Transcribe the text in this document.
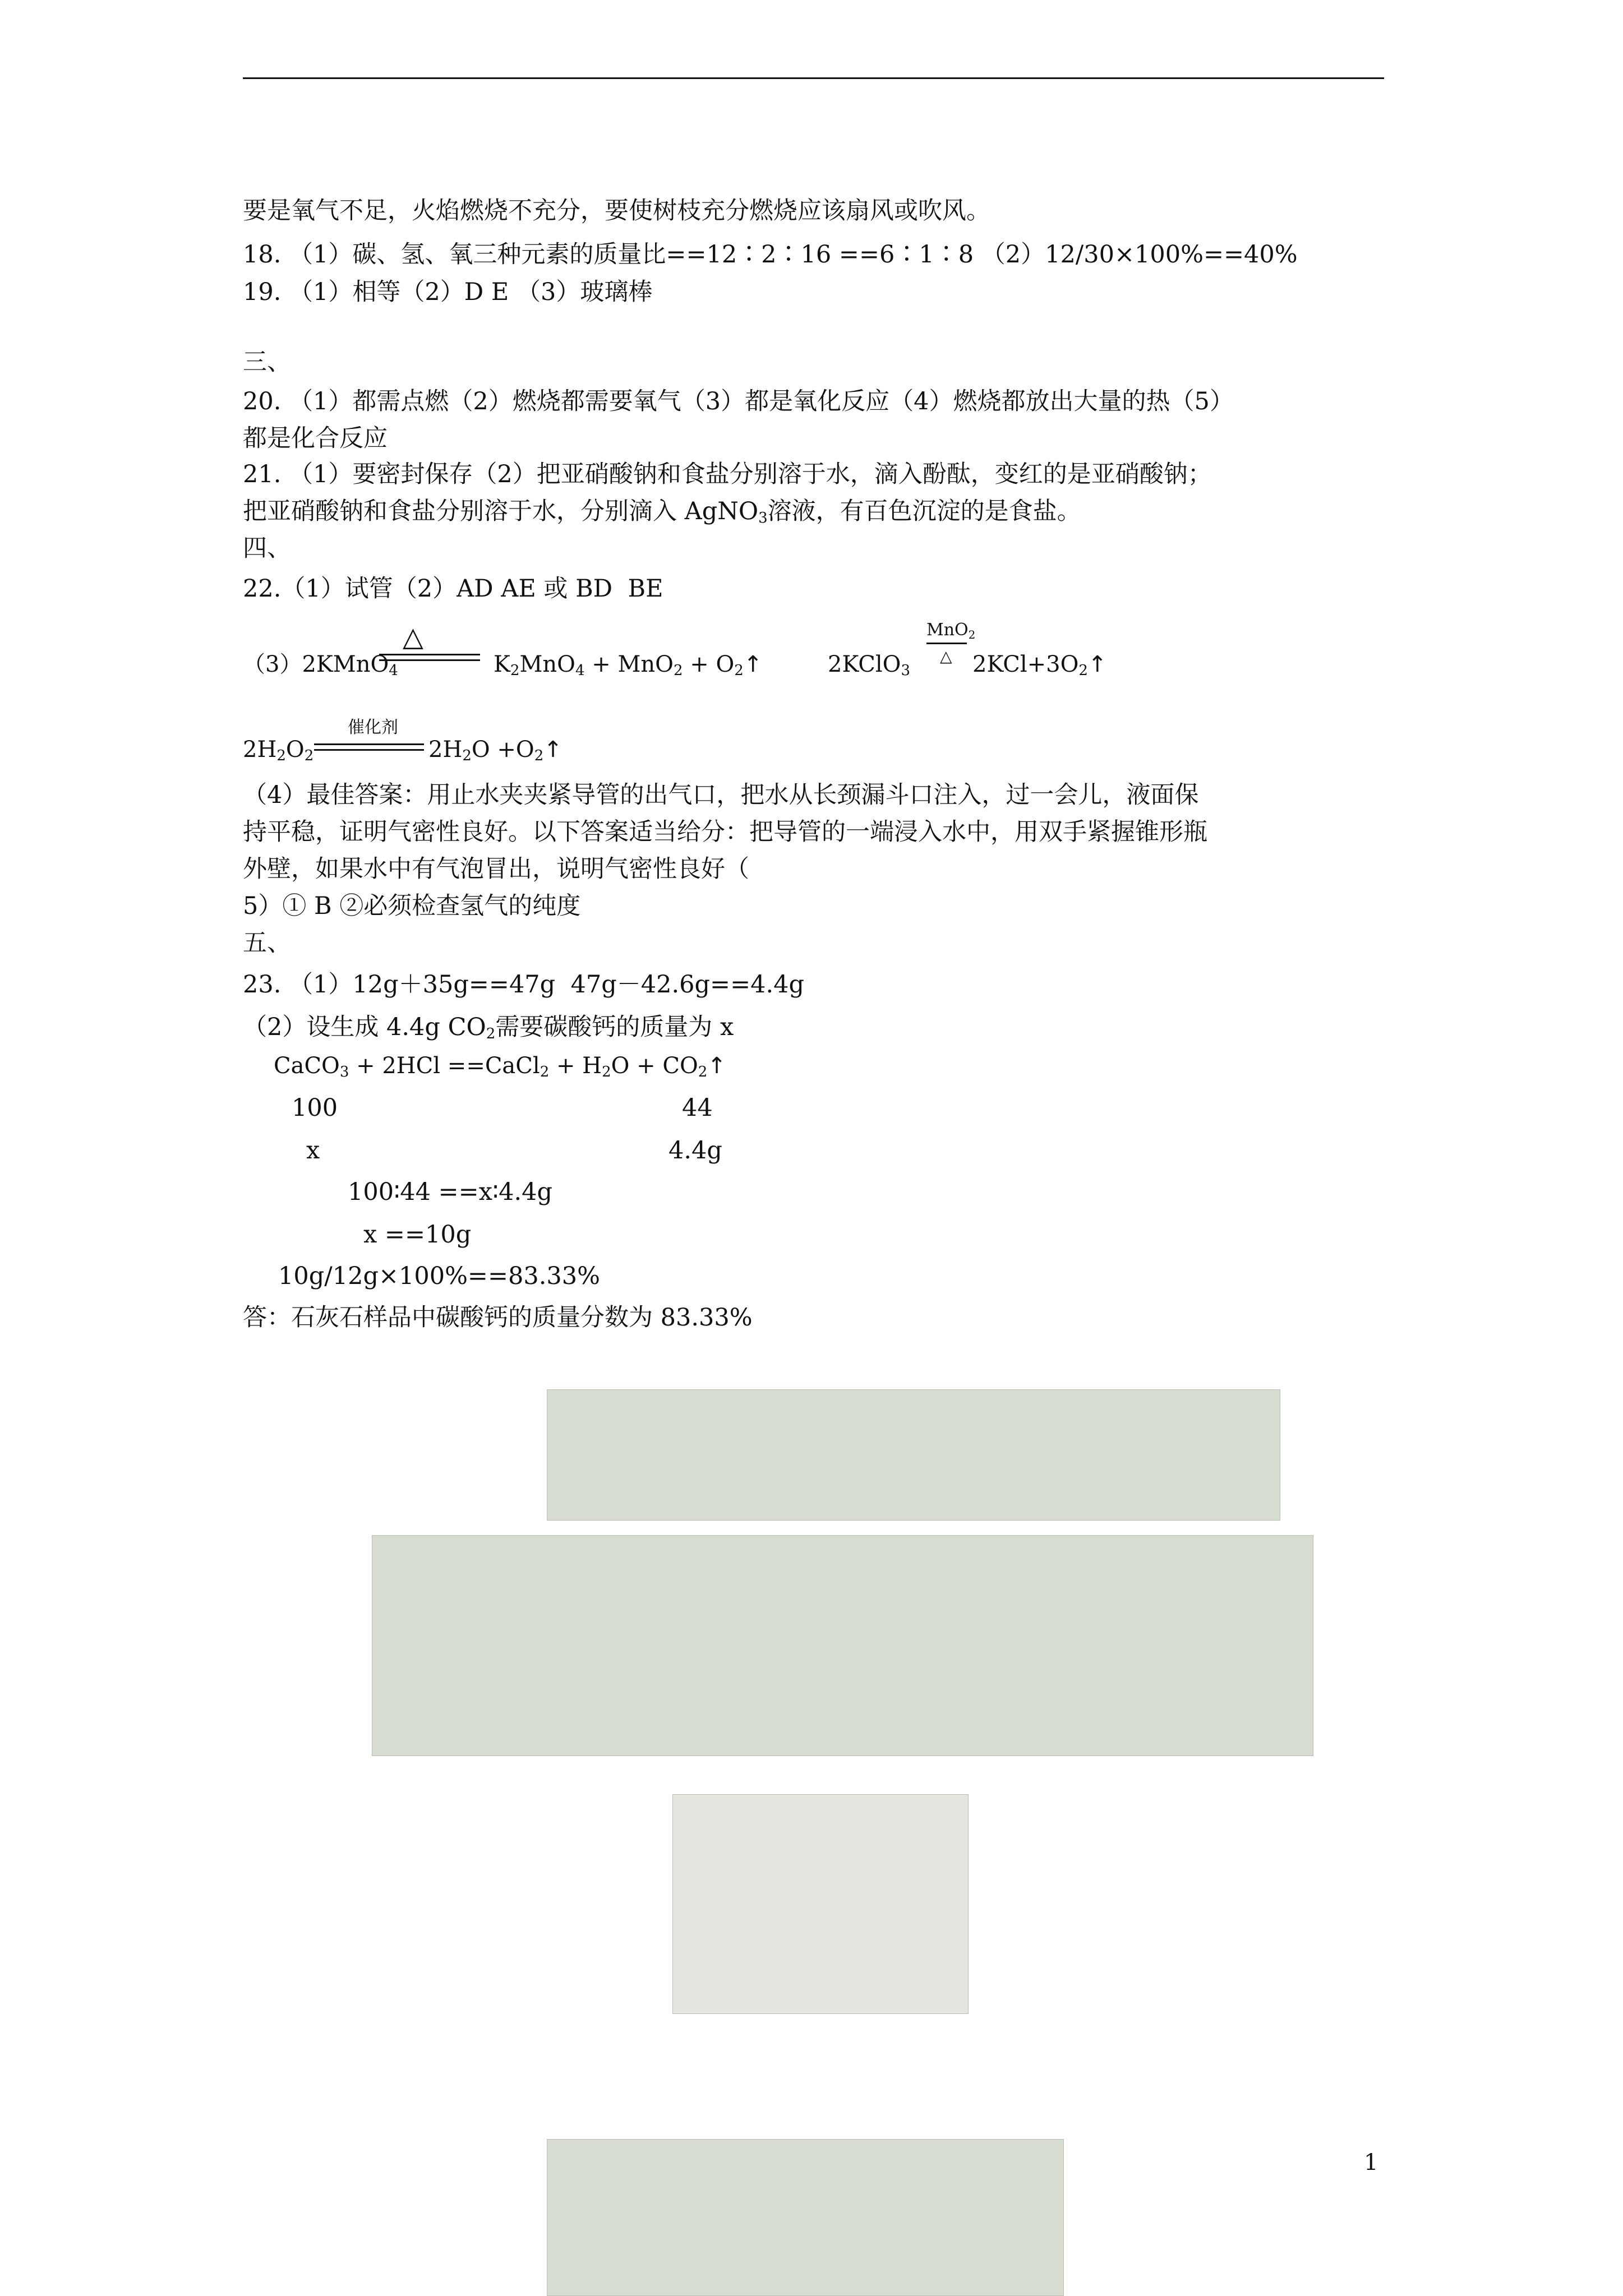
要是氧气不足，火焰燃烧不充分，要使树枝充分燃烧应该扇风或吹风。
18. （1）碳、氢、氧三种元素的质量比==12∶2∶16 ==6∶1∶8 （2）12/30×100%==40%
19. （1）相等（2）D E （3）玻璃棒
三、
20. （1）都需点燃（2）燃烧都需要氧气（3）都是氧化反应（4）燃烧都放出大量的热（5）
都是化合反应
21. （1）要密封保存（2）把亚硝酸钠和食盐分别溶于水，滴入酚酞，变红的是亚硝酸钠；
把亚硝酸钠和食盐分别溶于水，分别滴入 AgNO$_3$溶液，有百色沉淀的是食盐。
四、
22.（1）试管（2）AD AE 或 BD  BE
（3）2KMnO$_4$
△
$K_2MnO_4 + MnO_2$ + $O_2↑$	2KClO$_3$
MnO$_2$
△ $2KCl+3O_2↑$
$2H_2O_2$
催化剂
$2H_2O$ $+O_2↑$
（4）最佳答案：用止水夹夹紧导管的出气口，把水从长颈漏斗口注入，过一会儿，液面保
持平稳，证明气密性良好。以下答案适当给分：把导管的一端浸入水中，用双手紧握锥形瓶
外壁，如果水中有气泡冒出，说明气密性良好（
5）① B ②必须检查氢气的纯度
五、
23. （1）12g＋35g==47g  47g－42.6g==4.4g
（2）设生成 4.4g $CO_2$需要碳酸钙的质量为 x
CaCO$_3$ + 2HCl ==CaCl$_2$ + $H_2O$ + $CO_2↑$
100	44
x	4.4g
100∶44 ==x∶4.4g
x ==10g
10g/12g×100%==83.33%
答：石灰石样品中碳酸钙的质量分数为 83.33%
1
